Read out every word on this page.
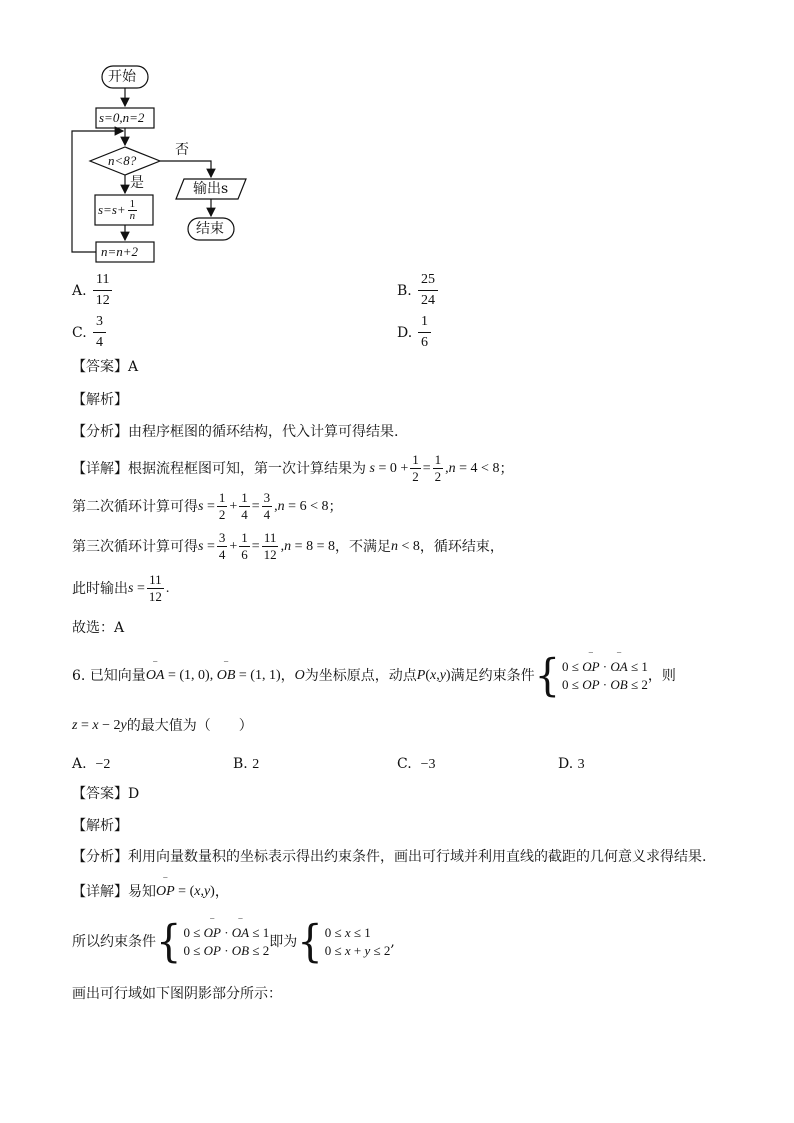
开始
s=0,n=2
n<8?
否
是
$s=s+ \frac{1}{n}$
n=n+2
输出s
结束
A. $\frac{11}{12}$	B. $\frac{25}{24}$
C. $\frac{3}{4}$	D. $\frac{1}{6}$
【答案】A
【解析】
【分析】由程序框图的循环结构，代入计算可得结果.
【详解】 根据流程框图可知，第一次计算结果为 $s = 0 + \frac{1}{2} = \frac{1}{2}$ , n = 4 < 8 ；
第二次循环计算可得 $s = \frac{1}{2} + \frac{1}{4} = \frac{3}{4}$ , n = 6 < 8 ；
第三次循环计算可得 $s = \frac{3}{4} + \frac{1}{6} = \frac{11}{12}$ , n = 8 = 8 ，不满足 n < 8 ，循环结束，
此时输出 $s = \frac{11}{12}$ .
故选：A
6.
已知向量 ‾ OA = (1, 0), ‾ OB = (1, 1) ， O 为坐标原点，动点 P ( x , y ) 满足约束条件 { 0 ≤ ‾ OP · ‾ OA ≤ 1
0 ≤ ‾ OP · ‾ OB ≤ 2
，则
z = x − 2 y 的最大值为（　　）
A. −2	B. 2	C. −3	D. 3
【答案】D
【解析】
【分析】利用向量数量积的坐标表示得出约束条件，画出可行域并利用直线的截距的几何意义求得结果.
【详解】 易知 ‾ OP = ( x , y ) ，
所以约束条件 { 0 ≤ ‾ OP · ‾ OA ≤ 1
0 ≤ ‾ OP · ‾ OB ≤ 2
即为 { 0 ≤ x ≤ 1
0 ≤ x + y ≤ 2
,
画出可行域如下图阴影部分所示：
